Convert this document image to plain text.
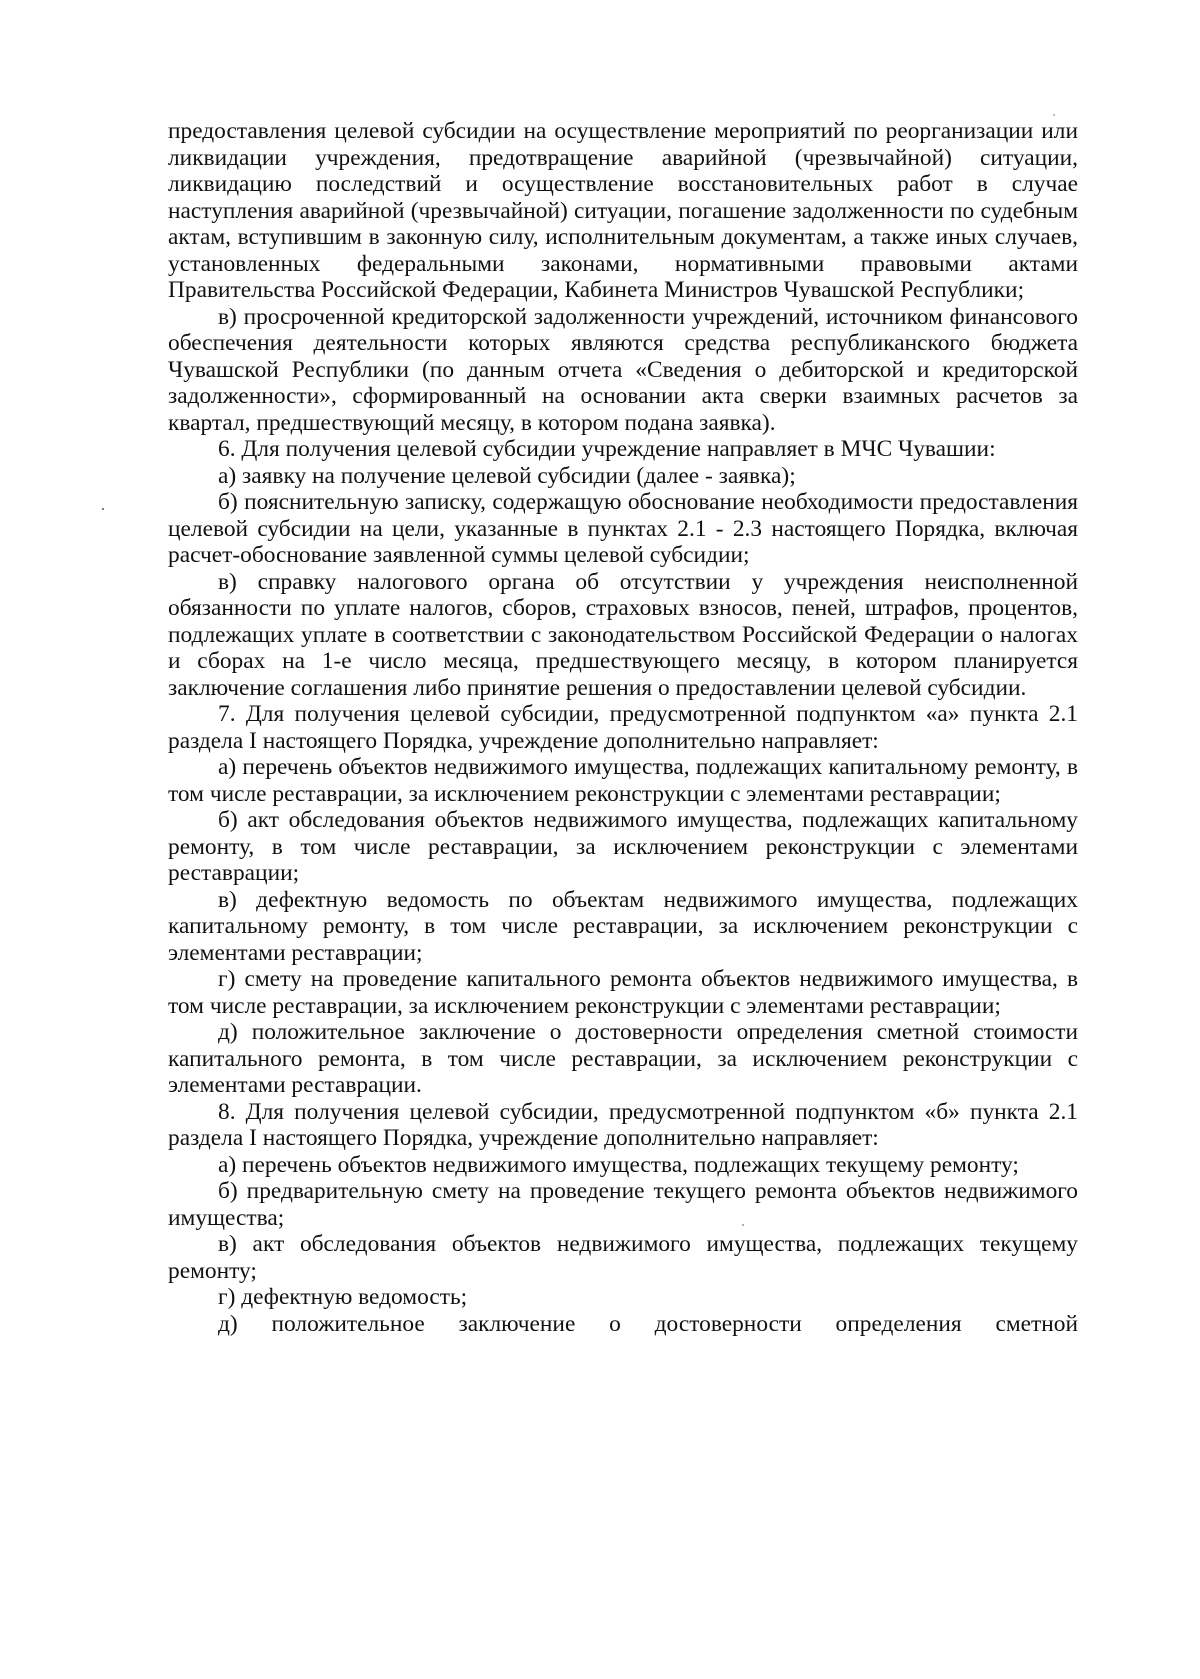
предоставления целевой субсидии на осуществление мероприятий по реорганизации или ликвидации учреждения, предотвращение аварийной (чрезвычайной) ситуации, ликвидацию последствий и осуществление восстановительных работ в случае наступления аварийной (чрезвычайной) ситуации, погашение задолженности по судебным актам, вступившим в законную силу, исполнительным документам, а также иных случаев, установленных федеральными законами, нормативными правовыми актами Правительства Российской Федерации, Кабинета Министров Чувашской Республики;

в) просроченной кредиторской задолженности учреждений, источником финансового обеспечения деятельности которых являются средства республиканского бюджета Чувашской Республики (по данным отчета «Сведения о дебиторской и кредиторской задолженности», сформированный на основании акта сверки взаимных расчетов за квартал, предшествующий месяцу, в котором подана заявка).

6. Для получения целевой субсидии учреждение направляет в МЧС Чувашии:

а) заявку на получение целевой субсидии (далее - заявка);

б) пояснительную записку, содержащую обоснование необходимости предоставления целевой субсидии на цели, указанные в пунктах 2.1 - 2.3 настоящего Порядка, включая расчет-обоснование заявленной суммы целевой субсидии;

в) справку налогового органа об отсутствии у учреждения неисполненной обязанности по уплате налогов, сборов, страховых взносов, пеней, штрафов, процентов, подлежащих уплате в соответствии с законодательством Российской Федерации о налогах и сборах на 1-е число месяца, предшествующего месяцу, в котором планируется заключение соглашения либо принятие решения о предоставлении целевой субсидии.

7. Для получения целевой субсидии, предусмотренной подпунктом «а» пункта 2.1 раздела I настоящего Порядка, учреждение дополнительно направляет:

а) перечень объектов недвижимого имущества, подлежащих капитальному ремонту, в том числе реставрации, за исключением реконструкции с элементами реставрации;

б) акт обследования объектов недвижимого имущества, подлежащих капитальному ремонту, в том числе реставрации, за исключением реконструкции с элементами реставрации;

в) дефектную ведомость по объектам недвижимого имущества, подлежащих капитальному ремонту, в том числе реставрации, за исключением реконструкции с элементами реставрации;

г) смету на проведение капитального ремонта объектов недвижимого имущества, в том числе реставрации, за исключением реконструкции с элементами реставрации;

д) положительное заключение о достоверности определения сметной стоимости капитального ремонта, в том числе реставрации, за исключением реконструкции с элементами реставрации.

8. Для получения целевой субсидии, предусмотренной подпунктом «б» пункта 2.1 раздела I настоящего Порядка, учреждение дополнительно направляет:

а) перечень объектов недвижимого имущества, подлежащих текущему ремонту;

б) предварительную смету на проведение текущего ремонта объектов недвижимого имущества;

в) акт обследования объектов недвижимого имущества, подлежащих текущему ремонту;

г) дефектную ведомость;

д) положительное заключение о достоверности определения сметной
